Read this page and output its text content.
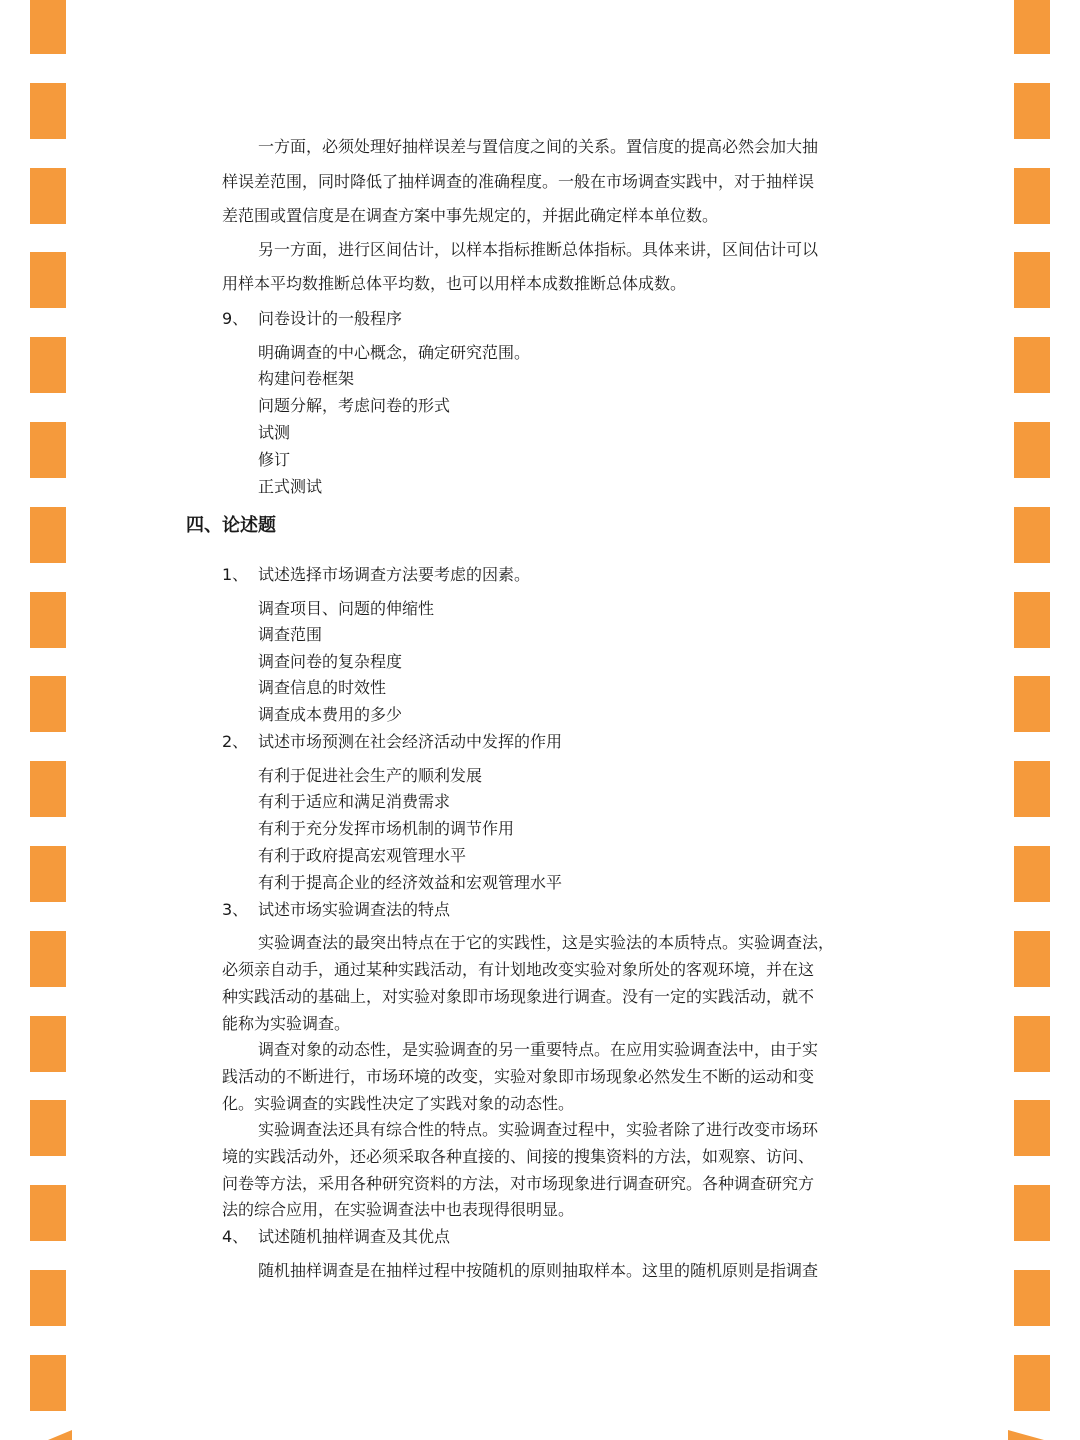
一方面，必须处理好抽样误差与置信度之间的关系。置信度的提高必然会加大抽

样误差范围，同时降低了抽样调查的准确程度。一般在市场调查实践中，对于抽样误

差范围或置信度是在调查方案中事先规定的，并据此确定样本单位数。

另一方面，进行区间估计，以样本指标推断总体指标。具体来讲，区间估计可以

用样本平均数推断总体平均数，也可以用样本成数推断总体成数。

9、 问卷设计的一般程序

明确调查的中心概念，确定研究范围。

构建问卷框架

问题分解，考虑问卷的形式

试测

修订

正式测试

四、论述题

1、 试述选择市场调查方法要考虑的因素。

调查项目、问题的伸缩性

调查范围

调查问卷的复杂程度

调查信息的时效性

调查成本费用的多少

2、 试述市场预测在社会经济活动中发挥的作用

有利于促进社会生产的顺利发展

有利于适应和满足消费需求

有利于充分发挥市场机制的调节作用

有利于政府提高宏观管理水平

有利于提高企业的经济效益和宏观管理水平

3、 试述市场实验调查法的特点

实验调查法的最突出特点在于它的实践性，这是实验法的本质特点。实验调查法，

必须亲自动手，通过某种实践活动，有计划地改变实验对象所处的客观环境，并在这

种实践活动的基础上，对实验对象即市场现象进行调查。没有一定的实践活动，就不

能称为实验调查。

调查对象的动态性，是实验调查的另一重要特点。在应用实验调查法中，由于实

践活动的不断进行，市场环境的改变，实验对象即市场现象必然发生不断的运动和变

化。实验调查的实践性决定了实践对象的动态性。

实验调查法还具有综合性的特点。实验调查过程中，实验者除了进行改变市场环

境的实践活动外，还必须采取各种直接的、间接的搜集资料的方法，如观察、访问、

问卷等方法，采用各种研究资料的方法，对市场现象进行调查研究。各种调查研究方

法的综合应用，在实验调查法中也表现得很明显。

4、 试述随机抽样调查及其优点

随机抽样调查是在抽样过程中按随机的原则抽取样本。这里的随机原则是指调查
